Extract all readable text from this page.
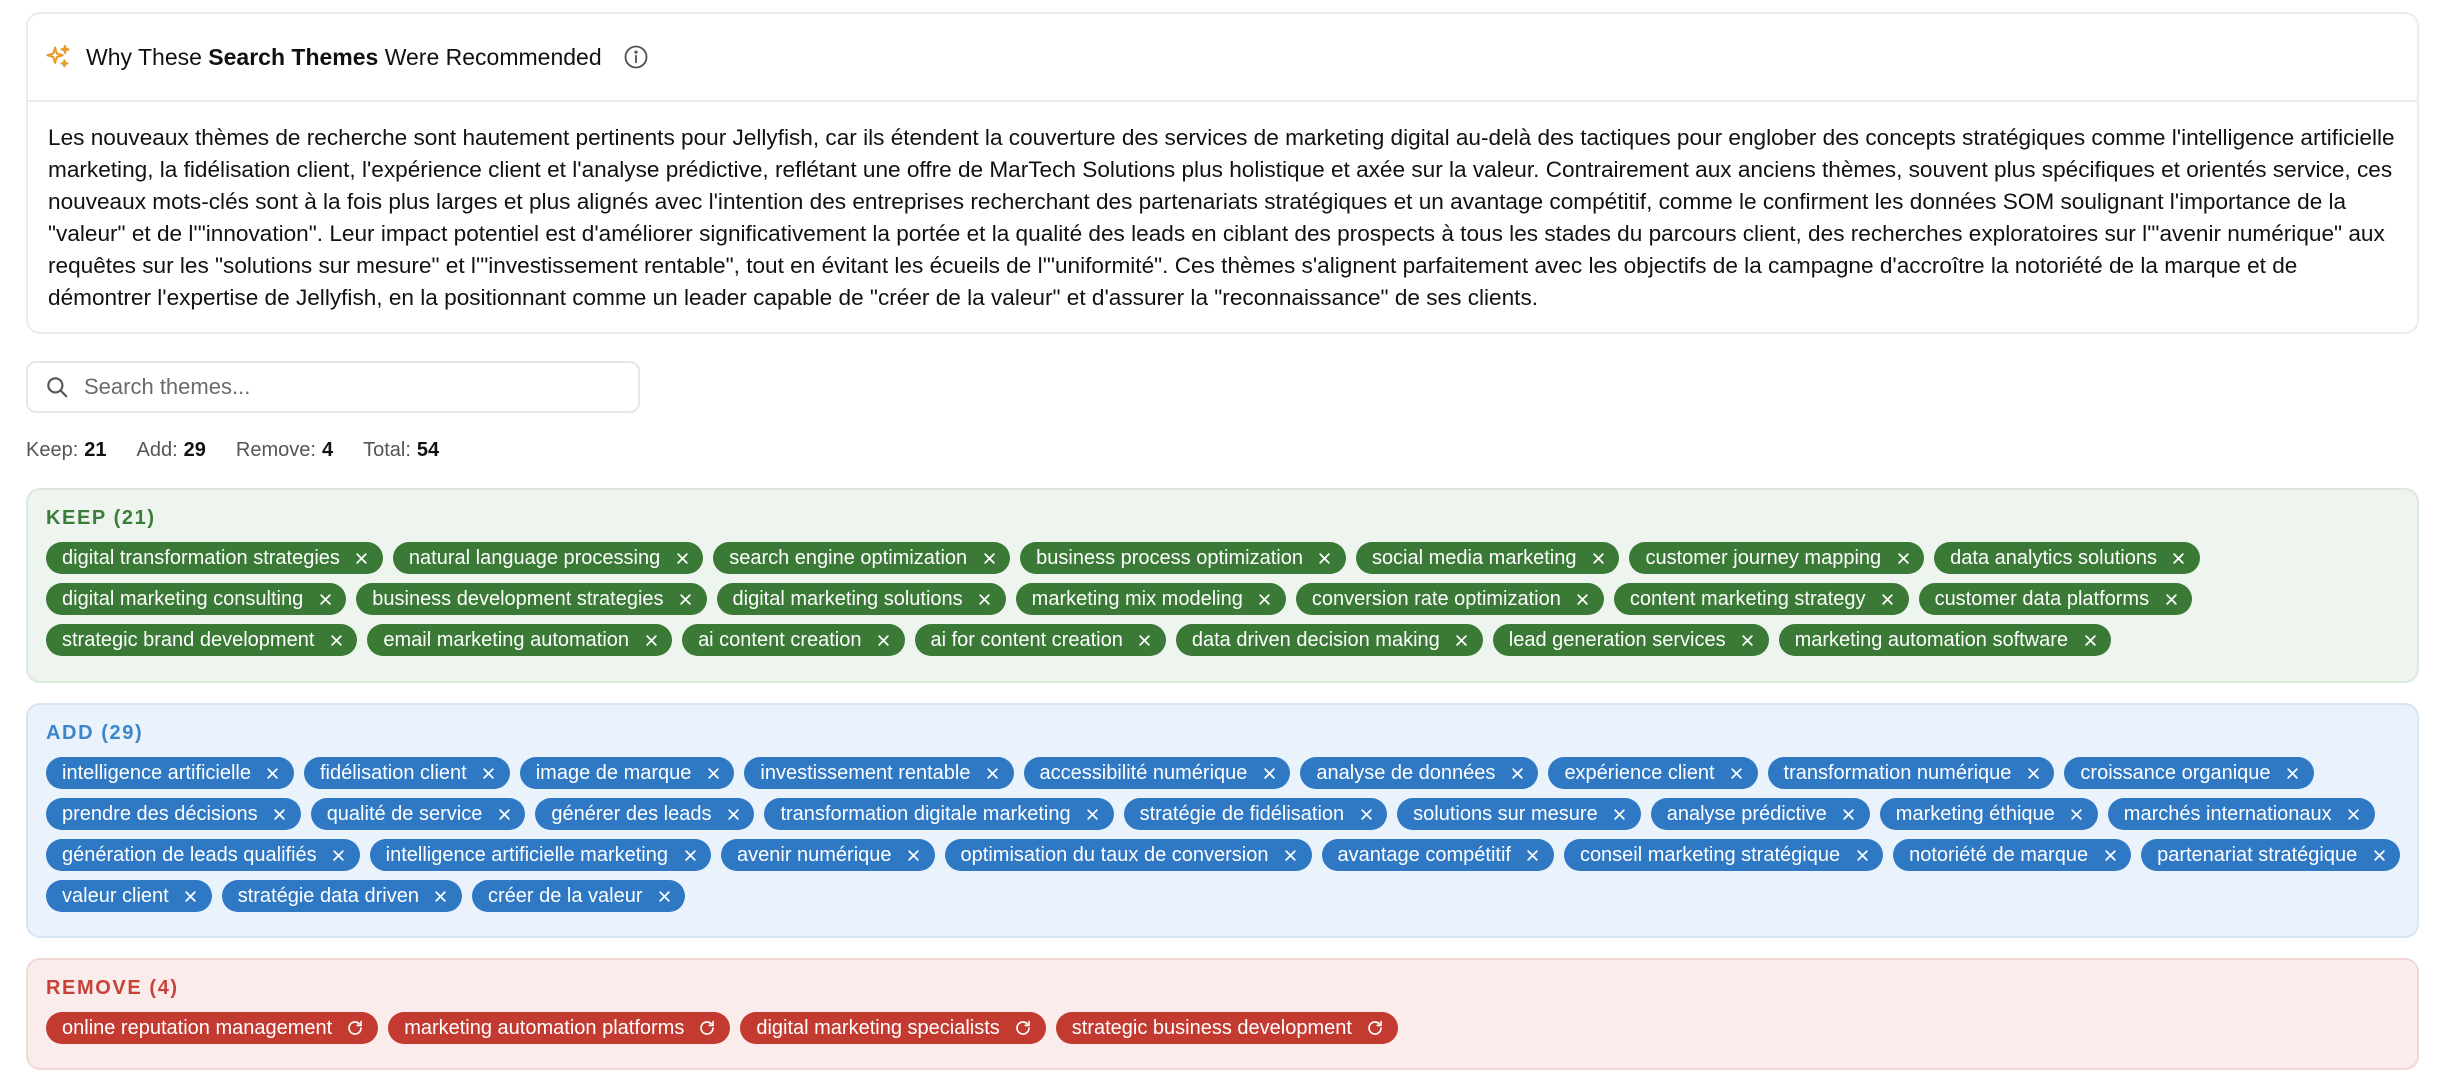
Why These Search Themes Were Recommended
Les nouveaux thèmes de recherche sont hautement pertinents pour Jellyfish, car ils étendent la couverture des services de marketing digital au-delà des tactiques pour englober des concepts stratégiques comme l'intelligence artificielle marketing, la fidélisation client, l'expérience client et l'analyse prédictive, reflétant une offre de MarTech Solutions plus holistique et axée sur la valeur. Contrairement aux anciens thèmes, souvent plus spécifiques et orientés service, ces nouveaux mots-clés sont à la fois plus larges et plus alignés avec l'intention des entreprises recherchant des partenariats stratégiques et un avantage compétitif, comme le confirment les données SOM soulignant l'importance de la "valeur" et de l'"innovation". Leur impact potentiel est d'améliorer significativement la portée et la qualité des leads en ciblant des prospects à tous les stades du parcours client, des recherches exploratoires sur l'"avenir numérique" aux requêtes sur les "solutions sur mesure" et l'"investissement rentable", tout en évitant les écueils de l'"uniformité". Ces thèmes s'alignent parfaitement avec les objectifs de la campagne d'accroître la notoriété de la marque et de démontrer l'expertise de Jellyfish, en la positionnant comme un leader capable de "créer de la valeur" et d'assurer la "reconnaissance" de ses clients.
Search themes...
Keep: 21 Add: 29 Remove: 4 Total: 54
KEEP (21)
digital transformation strategies	natural language processing	search engine optimization	business process optimization	social media marketing	customer journey mapping	data analytics solutions
digital marketing consulting	business development strategies	digital marketing solutions	marketing mix modeling	conversion rate optimization	content marketing strategy	customer data platforms
strategic brand development	email marketing automation	ai content creation	ai for content creation	data driven decision making	lead generation services	marketing automation software
ADD (29)
intelligence artificielle	fidélisation client	image de marque	investissement rentable	accessibilité numérique	analyse de données	expérience client	transformation numérique	croissance organique
prendre des décisions	qualité de service	générer des leads	transformation digitale marketing	stratégie de fidélisation	solutions sur mesure	analyse prédictive	marketing éthique	marchés internationaux
génération de leads qualifiés	intelligence artificielle marketing	avenir numérique	optimisation du taux de conversion	avantage compétitif	conseil marketing stratégique	notoriété de marque	partenariat stratégique
valeur client	stratégie data driven	créer de la valeur
REMOVE (4)
online reputation management	marketing automation platforms	digital marketing specialists	strategic business development
